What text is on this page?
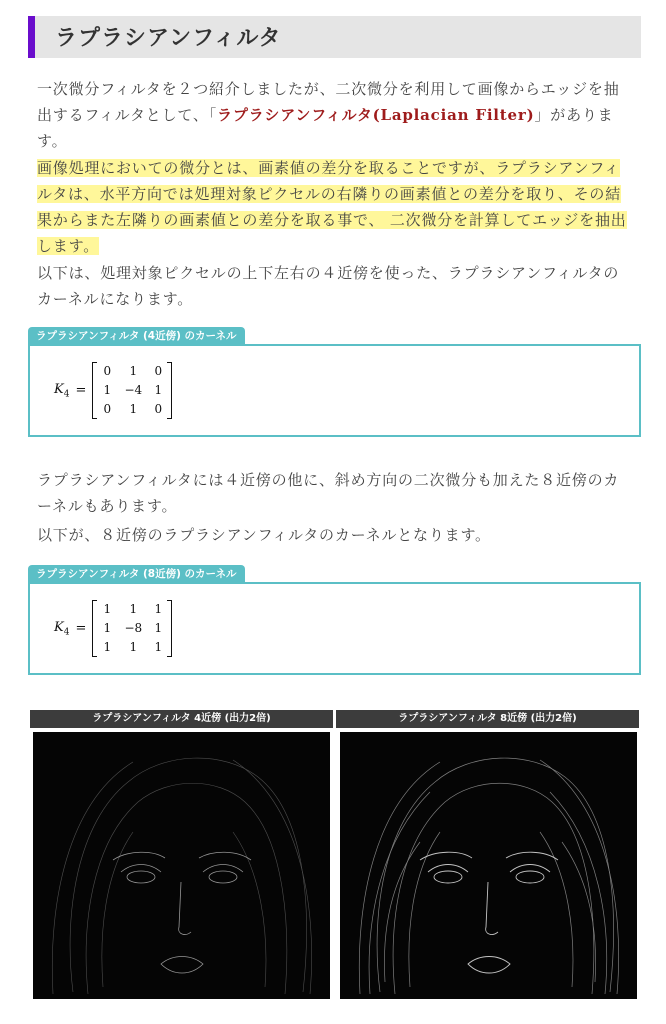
ラプラシアンフィルタ
一次微分フィルタを２つ紹介しましたが、二次微分を利用して画像からエッジを抽出するフィルタとして、「ラプラシアンフィルタ(Laplacian Filter)」があります。
画像処理においての微分とは、画素値の差分を取ることですが、ラプラシアンフィルタは、水平方向では処理対象ピクセルの右隣りの画素値との差分を取り、その結果からまた左隣りの画素値との差分を取る事で、 二次微分を計算してエッジを抽出します。
以下は、処理対象ピクセルの上下左右の４近傍を使った、ラプラシアンフィルタのカーネルになります。
ラプラシアンフィルタ (4近傍) のカーネル
$K_4$ =
0	1	0
1	−4	1
0	1	0
ラプラシアンフィルタには４近傍の他に、斜め方向の二次微分も加えた８近傍のカーネルもあります。
以下が、８近傍のラプラシアンフィルタのカーネルとなります。
ラプラシアンフィルタ (8近傍) のカーネル
$K_4$ =
1	1	1
1	−8	1
1	1	1
ラプラシアンフィルタ 4近傍 (出力2倍)	ラプラシアンフィルタ 8近傍 (出力2倍)
